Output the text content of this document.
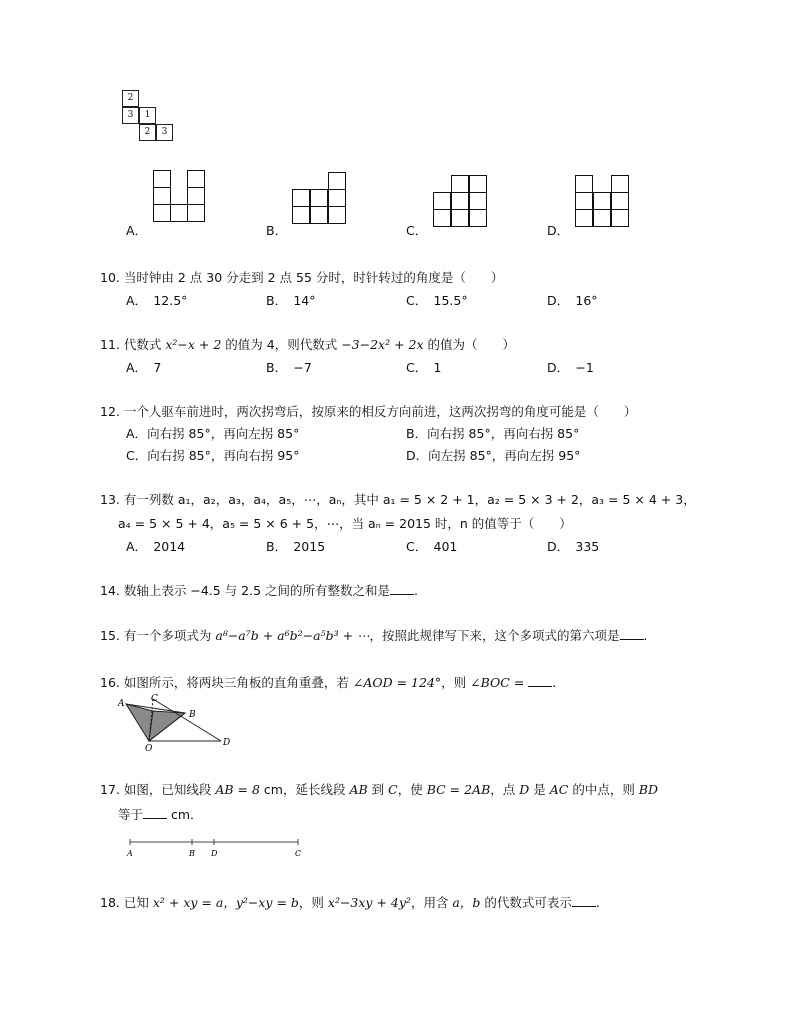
2
3	1
2	3
A．	B．	C．	D．
10. 当时钟由 2 点 30 分走到 2 点 55 分时，时针转过的角度是（　　）
A．　 12.5°	B．　 14°	C．　 15.5°	D．　 16°
11. 代数式 x²−x + 2 的值为 4，则代数式 −3−2x² + 2x 的值为（　　）
A．　 7	B．　 −7	C．　 1	D．　 −1
12. 一个人驱车前进时，两次拐弯后，按原来的相反方向前进，这两次拐弯的角度可能是（　　）
A．向右拐 85°，再向左拐 85°	B．向右拐 85°，再向右拐 85°
C．向右拐 85°，再向右拐 95°	D．向左拐 85°，再向左拐 95°
13. 有一列数 a₁，a₂，a₃，a₄，a₅，⋯，aₙ，其中 a₁ = 5 × 2 + 1，a₂ = 5 × 3 + 2，a₃ = 5 × 4 + 3，
a₄ = 5 × 5 + 4，a₅ = 5 × 6 + 5，⋯，当 aₙ = 2015 时，n 的值等于（　　）
A．　 2014	B．　 2015	C．　 401	D．　 335
14. 数轴上表示 −4.5 与 2.5 之间的所有整数之和是 .
15. 有一个多项式为 a⁸−a⁷b + a⁶b²−a⁵b³ + ⋯，按照此规律写下来，这个多项式的第六项是 .
16. 如图所示，将两块三角板的直角重叠，若 ∠AOD = 124°，则 ∠BOC = .
A	C
B
O
D
17. 如图，已知线段 AB = 8 cm，延长线段 AB 到 C，使 BC = 2AB，点 D 是 AC 的中点，则 BD
等于 cm．
A	B D	C
18. 已知 x² + xy = a，y²−xy = b，则 x²−3xy + 4y²，用含 a，b 的代数式可表示 .
